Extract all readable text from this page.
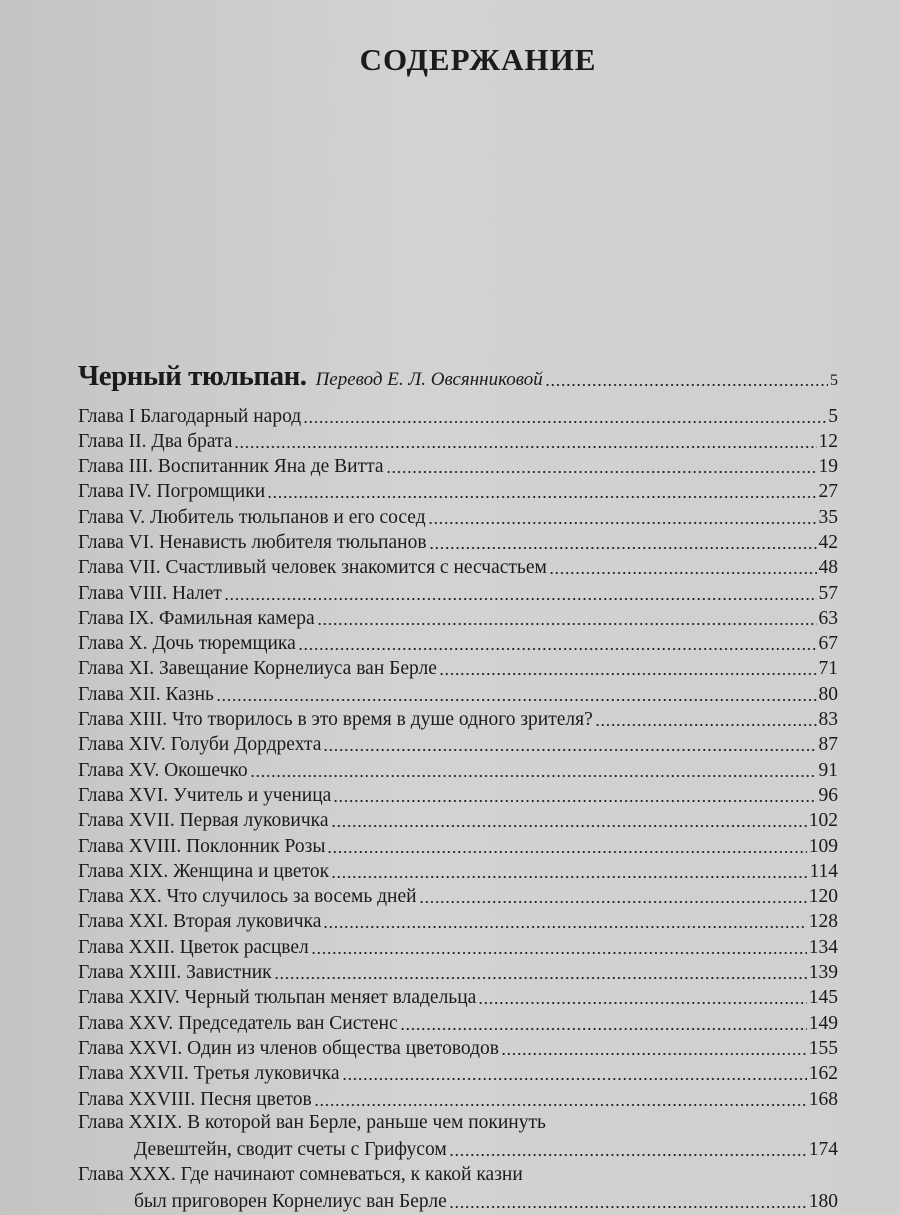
СОДЕРЖАНИЕ
Черный тюльпан. Перевод Е. Л. Овсянниковой	5
Глава I Благодарный народ	5
Глава II. Два брата	12
Глава III. Воспитанник Яна де Витта	19
Глава IV. Погромщики	27
Глава V. Любитель тюльпанов и его сосед	35
Глава VI. Ненависть любителя тюльпанов	42
Глава VII. Счастливый человек знакомится с несчастьем	48
Глава VIII. Налет	57
Глава IX. Фамильная камера	63
Глава X. Дочь тюремщика	67
Глава XI. Завещание Корнелиуса ван Берле	71
Глава XII. Казнь	80
Глава XIII. Что творилось в это время в душе одного зрителя?	83
Глава XIV. Голуби Дордрехта	87
Глава XV. Окошечко	91
Глава XVI. Учитель и ученица	96
Глава XVII. Первая луковичка	102
Глава XVIII. Поклонник Розы	109
Глава XIX. Женщина и цветок	114
Глава XX. Что случилось за восемь дней	120
Глава XXI. Вторая луковичка	128
Глава XXII. Цветок расцвел	134
Глава XXIII. Завистник	139
Глава XXIV. Черный тюльпан меняет владельца	145
Глава XXV. Председатель ван Систенс	149
Глава XXVI. Один из членов общества цветоводов	155
Глава XXVII. Третья луковичка	162
Глава XXVIII. Песня цветов	168
Глава XXIX. В которой ван Берле, раньше чем покинуть
Девештейн, сводит счеты с Грифусом	174
Глава XXX. Где начинают сомневаться, к какой казни
был приговорен Корнелиус ван Берле	180
